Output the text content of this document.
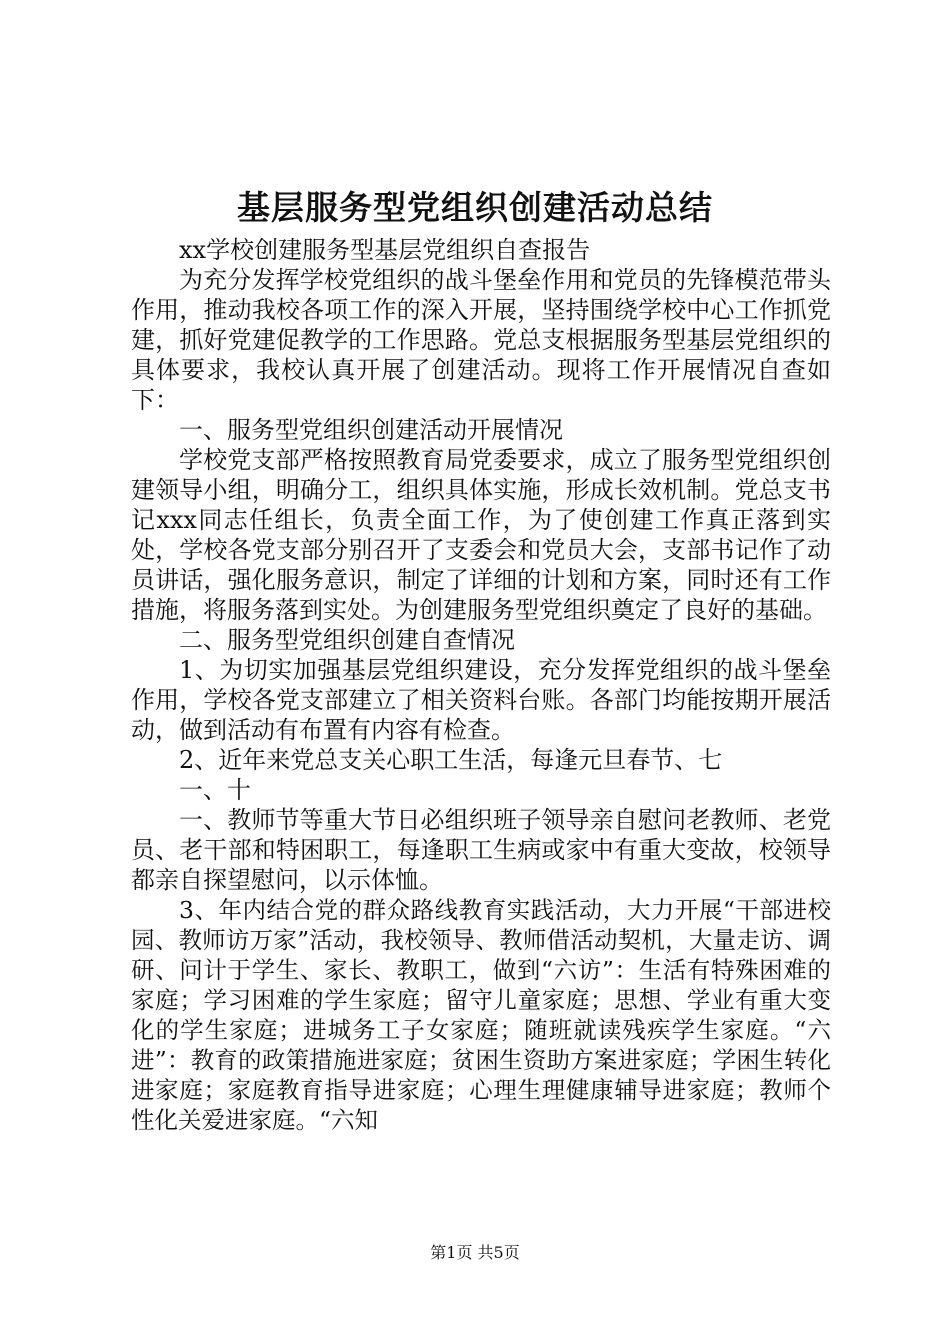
基层服务型党组织创建活动总结

xx学校创建服务型基层党组织自查报告

为充分发挥学校党组织的战斗堡垒作用和党员的先锋模范带头作用，推动我校各项工作的深入开展，坚持围绕学校中心工作抓党建，抓好党建促教学的工作思路。党总支根据服务型基层党组织的具体要求，我校认真开展了创建活动。现将工作开展情况自查如下：

一、服务型党组织创建活动开展情况

学校党支部严格按照教育局党委要求，成立了服务型党组织创建领导小组，明确分工，组织具体实施，形成长效机制。党总支书记xxx同志任组长，负责全面工作，为了使创建工作真正落到实处，学校各党支部分别召开了支委会和党员大会，支部书记作了动员讲话，强化服务意识，制定了详细的计划和方案，同时还有工作措施，将服务落到实处。为创建服务型党组织奠定了良好的基础。

二、服务型党组织创建自查情况

1、为切实加强基层党组织建设，充分发挥党组织的战斗堡垒作用，学校各党支部建立了相关资料台账。各部门均能按期开展活动，做到活动有布置有内容有检查。

2、近年来党总支关心职工生活，每逢元旦春节、七

一、十

一、教师节等重大节日必组织班子领导亲自慰问老教师、老党员、老干部和特困职工，每逢职工生病或家中有重大变故，校领导都亲自探望慰问，以示体恤。

3、年内结合党的群众路线教育实践活动，大力开展“干部进校园、教师访万家”活动，我校领导、教师借活动契机，大量走访、调研、问计于学生、家长、教职工，做到“六访”：生活有特殊困难的家庭；学习困难的学生家庭；留守儿童家庭；思想、学业有重大变化的学生家庭；进城务工子女家庭；随班就读残疾学生家庭。“六进”：教育的政策措施进家庭；贫困生资助方案进家庭；学困生转化进家庭；家庭教育指导进家庭；心理生理健康辅导进家庭；教师个性化关爱进家庭。“六知

第1页 共5页
